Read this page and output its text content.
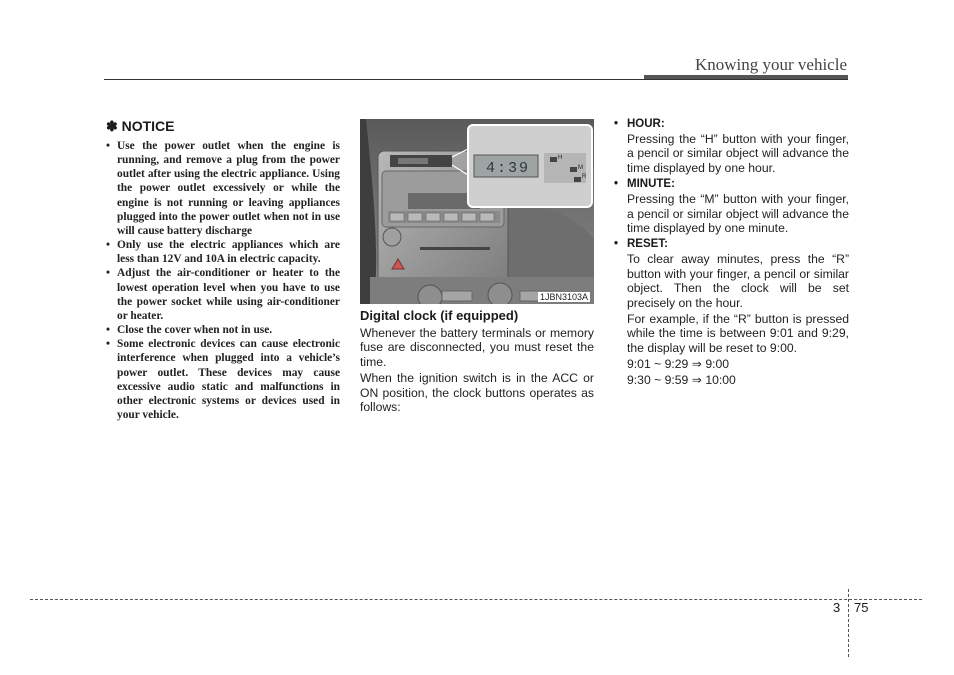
Knowing your vehicle
✽ NOTICE
• Use the power outlet when the engine is running, and remove a plug from the power outlet after using the electric appliance. Using the power outlet excessively or while the engine is not running or leaving appliances plugged into the power outlet when not in use will cause battery discharge
• Only use the electric appliances which are less than 12V and 10A in electric capacity.
• Adjust the air-conditioner or heater to the lowest operation level when you have to use the power socket while using air-conditioner or heater.
• Close the cover when not in use.
• Some electronic devices can cause electronic interference when plugged into a vehicle’s power outlet. These devices may cause excessive audio static and malfunctions in other electronic systems or devices used in your vehicle.
4:39
H
M
R
1JBN3103A
Digital clock (if equipped)

Whenever the battery terminals or memory fuse are disconnected, you must reset the time.

When the ignition switch is in the ACC or ON position, the clock buttons operates as follows:

• HOUR:

Pressing the “H” button with your finger, a pencil or similar object will advance the time displayed by one hour.

• MINUTE:

Pressing the “M” button with your finger, a pencil or similar object will advance the time displayed by one minute.

• RESET:

To clear away minutes, press the “R” button with your finger, a pencil or similar object. Then the clock will be set precisely on the hour.

For example, if the “R” button is pressed while the time is between 9:01 and 9:29, the display will be reset to 9:00.

9:01 ~ 9:29 ⇒ 9:00
9:30 ~ 9:59 ⇒ 10:00
3 75
